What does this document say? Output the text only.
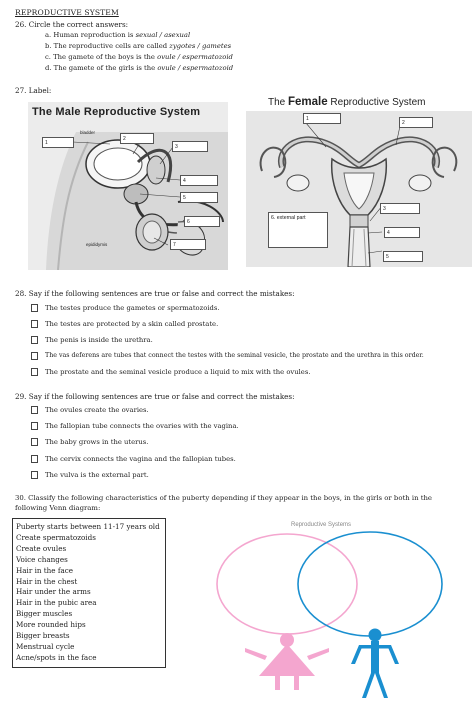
REPRODUCTIVE SYSTEM
26. Circle the correct answers:
a. Human reproduction is sexual / asexual
b. The reproductive cells are called zygotes / gametes
c. The gamete of the boys is the ovule / espermatozoid
d. The gamete of the girls is the ovule / espermatozoid
27. Label:
The Male Reproductive System
bladder
epididymis
1
2
3
4
5
6
7
The Female Reproductive System
1
2
3
4
5
6. external part
28. Say if the following sentences are true or false and correct the mistakes:
The testes produce the gametes or spermatozoids.
The testes are protected by a skin called prostate.
The penis is inside the urethra.
The vas deferens are tubes that connect the testes with the seminal vesicle, the prostate and the urethra in this order.
The prostate and the seminal vesicle produce a liquid to mix with the ovules.
29. Say if the following sentences are true or false and correct the mistakes:
The ovules create the ovaries.
The fallopian tube connects the ovaries with the vagina.
The baby grows in the uterus.
The cervix connects the vagina and the fallopian tubes.
The vulva is the external part.
30. Classify the following characteristics of the puberty depending if they appear in the boys, in the girls or both in the
following Venn diagram:
Puberty starts between 11-17 years old
Create spermatozoids
Create ovules
Voice changes
Hair in the face
Hair in the chest
Hair under the arms
Hair in the pubic area
Bigger muscles
More rounded hips
Bigger breasts
Menstrual cycle
Acne/spots in the face
Reproductive Systems
